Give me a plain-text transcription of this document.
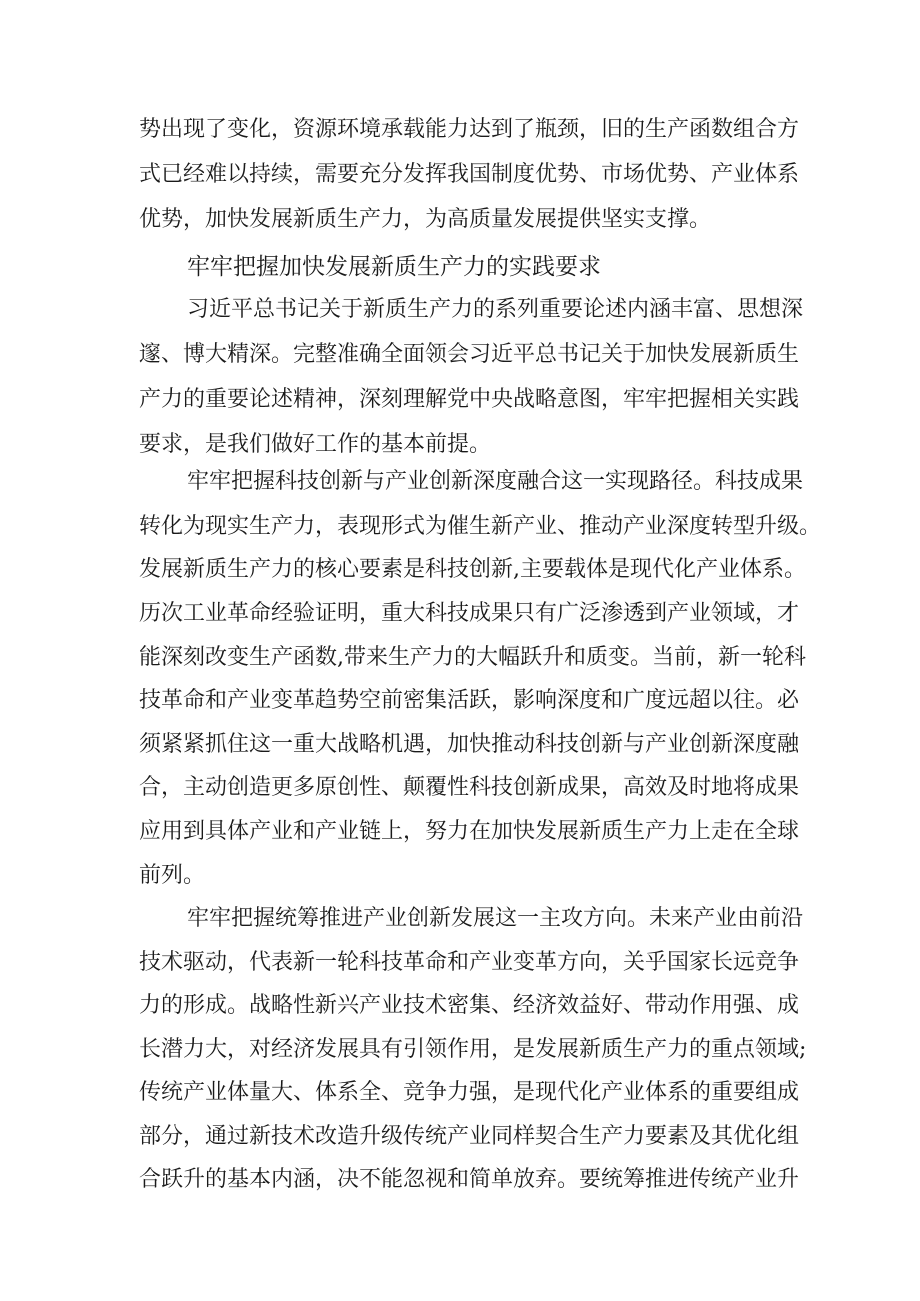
势出现了变化，资源环境承载能力达到了瓶颈，旧的生产函数组合方
式已经难以持续，需要充分发挥我国制度优势、市场优势、产业体系
优势，加快发展新质生产力，为高质量发展提供坚实支撑。
牢牢把握加快发展新质生产力的实践要求
习近平总书记关于新质生产力的系列重要论述内涵丰富、思想深
邃、博大精深。完整准确全面领会习近平总书记关于加快发展新质生
产力的重要论述精神，深刻理解党中央战略意图，牢牢把握相关实践
要求，是我们做好工作的基本前提。
牢牢把握科技创新与产业创新深度融合这一实现路径。科技成果
转化为现实生产力，表现形式为催生新产业、推动产业深度转型升级。
发展新质生产力的核心要素是科技创新,主要载体是现代化产业体系。
历次工业革命经验证明，重大科技成果只有广泛渗透到产业领域，才
能深刻改变生产函数,带来生产力的大幅跃升和质变。当前，新一轮科
技革命和产业变革趋势空前密集活跃，影响深度和广度远超以往。必
须紧紧抓住这一重大战略机遇，加快推动科技创新与产业创新深度融
合，主动创造更多原创性、颠覆性科技创新成果，高效及时地将成果
应用到具体产业和产业链上，努力在加快发展新质生产力上走在全球
前列。
牢牢把握统筹推进产业创新发展这一主攻方向。未来产业由前沿
技术驱动，代表新一轮科技革命和产业变革方向，关乎国家长远竞争
力的形成。战略性新兴产业技术密集、经济效益好、带动作用强、成
长潜力大，对经济发展具有引领作用，是发展新质生产力的重点领域;
传统产业体量大、体系全、竞争力强，是现代化产业体系的重要组成
部分，通过新技术改造升级传统产业同样契合生产力要素及其优化组
合跃升的基本内涵，决不能忽视和简单放弃。要统筹推进传统产业升
